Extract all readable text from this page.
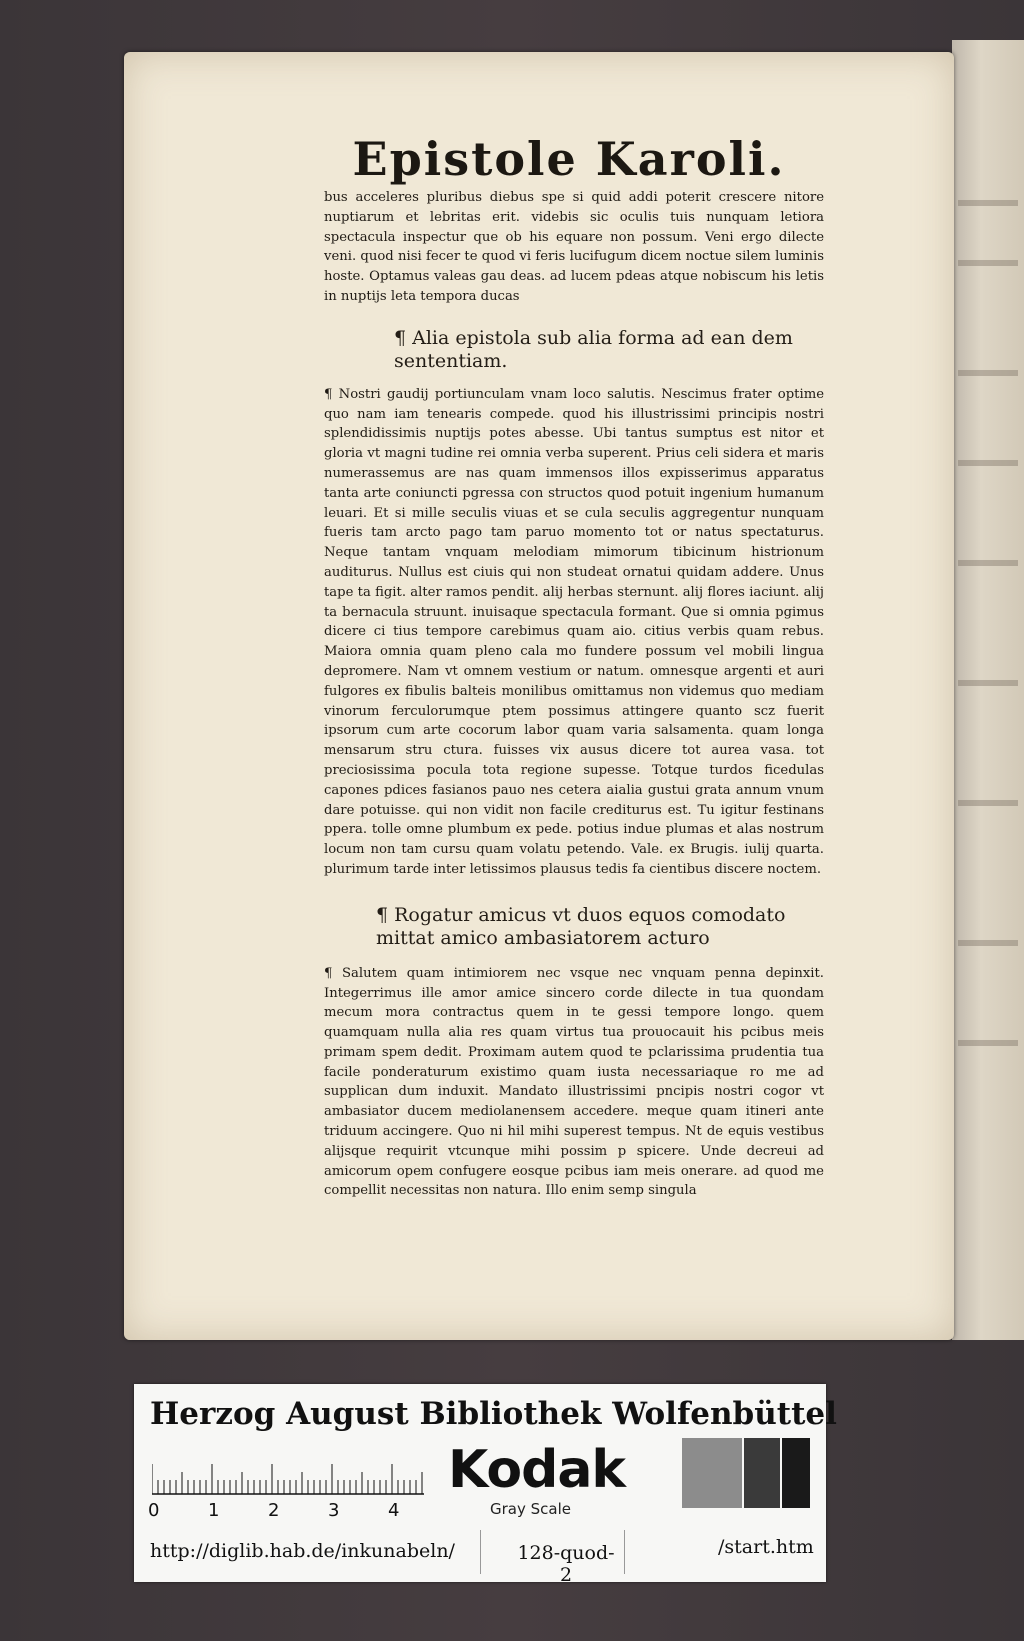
Epistole Karoli.

bus acceleres pluribus diebus spe si quid addi poterit crescere nitore nuptiarum et lebritas erit. videbis sic oculis tuis nunquam letiora spectacula inspectur que ob his equare non possum. Veni ergo dilecte veni. quod nisi fecer te quod vi feris lucifugum dicem noctue silem luminis hoste. Optamus valeas gau deas. ad lucem pdeas atque nobiscum his letis in nuptijs leta tempora ducas

¶ Alia epistola sub alia forma ad ean dem sententiam.

¶ Nostri gaudij portiunculam vnam loco salutis. Nescimus frater optime quo nam iam tenearis compede. quod his illustrissimi principis nostri splendidissimis nuptijs potes abesse. Ubi tantus sumptus est nitor et gloria vt magni tudine rei omnia verba superent. Prius celi sidera et maris numerassemus are nas quam immensos illos expisserimus apparatus tanta arte coniuncti pgressa con structos quod potuit ingenium humanum leuari. Et si mille seculis viuas et se cula seculis aggregentur nunquam fueris tam arcto pago tam paruo momento tot or natus spectaturus. Neque tantam vnquam melodiam mimorum tibicinum histrionum auditurus. Nullus est ciuis qui non studeat ornatui quidam addere. Unus tape ta figit. alter ramos pendit. alij herbas sternunt. alij flores iaciunt. alij ta bernacula struunt. inuisaque spectacula formant. Que si omnia pgimus dicere ci tius tempore carebimus quam aio. citius verbis quam rebus. Maiora omnia quam pleno cala mo fundere possum vel mobili lingua depromere. Nam vt omnem vestium or natum. omnesque argenti et auri fulgores ex fibulis balteis monilibus omittamus non videmus quo mediam vinorum ferculorumque ptem possimus attingere quanto scz fuerit ipsorum cum arte cocorum labor quam varia salsamenta. quam longa mensarum stru ctura. fuisses vix ausus dicere tot aurea vasa. tot preciosissima pocula tota regione supesse. Totque turdos ficedulas capones pdices fasianos pauo nes cetera aialia gustui grata annum vnum dare potuisse. qui non vidit non facile crediturus est. Tu igitur festinans ppera. tolle omne plumbum ex pede. potius indue plumas et alas nostrum locum non tam cursu quam volatu petendo. Vale. ex Brugis. iulij quarta. plurimum tarde inter letissimos plausus tedis fa cientibus discere noctem.

¶ Rogatur amicus vt duos equos comodato mittat amico ambasiatorem acturo

¶ Salutem quam intimiorem nec vsque nec vnquam penna depinxit. Integerrimus ille amor amice sincero corde dilecte in tua quondam mecum mora contractus quem in te gessi tempore longo. quem quamquam nulla alia res quam virtus tua prouocauit his pcibus meis primam spem dedit. Proximam autem quod te pclarissima prudentia tua facile ponderaturum existimo quam iusta necessariaque ro me ad supplican dum induxit. Mandato illustrissimi pncipis nostri cogor vt ambasiator ducem mediolanensem accedere. meque quam itineri ante triduum accingere. Quo ni hil mihi superest tempus. Nt de equis vestibus alijsque requirit vtcunque mihi possim p spicere. Unde decreui ad amicorum opem confugere eosque pcibus iam meis onerare. ad quod me compellit necessitas non natura. Illo enim semp singula

Herzog August Bibliothek Wolfenbüttel
0	1	2	3	4
Kodak
Gray Scale
http://diglib.hab.de/inkunabeln/	128-quod-2
/start.htm
